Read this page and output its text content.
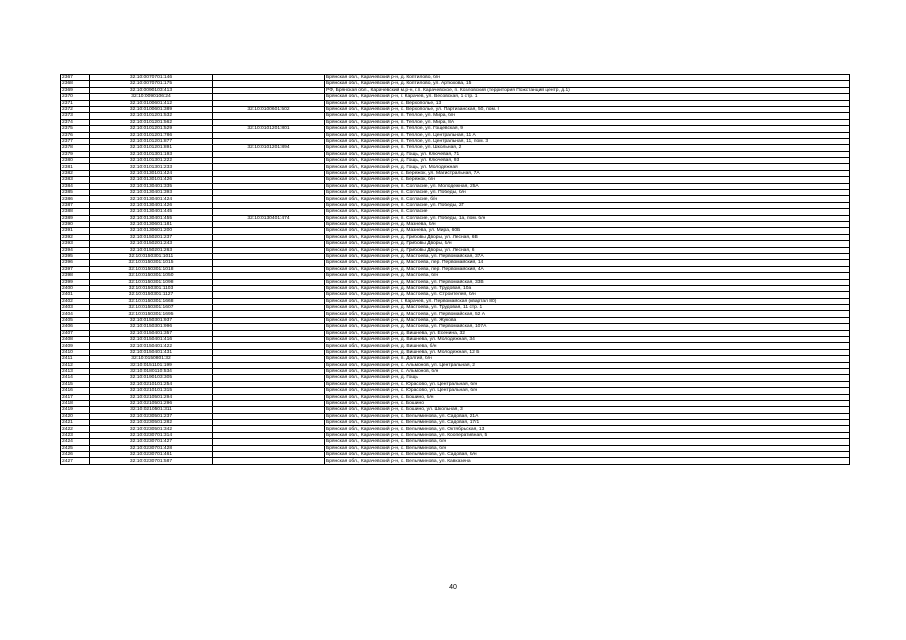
2367	32:10:0070701:146		Брянская обл., Карачевский р-н, д. Коптилово, б/н
2368	32:10:0070701:175		Брянская обл., Карачевский р-н, д. Коптилово, ул. Артюхова, 15
2369	32:10:0090103:413		РФ, Брянская обл., Карачевский м.р-н, г.п. Карачевское, п. Козловский (территория Пожстанций центр, д.1)
2370	32:10:0090106:24		Брянская обл., Карачевский р-н, г. Карачев, ул. Весовская, 1 стр. 1
2371	32:10:0100601:412		Брянская обл., Карачевский р-н, с. Верхополье, 13
2372	32:10:0100601:389	32:10:0100601:502	Брянская обл., Карачевский р-н, с. Верхополье, ул. Партизанская, 50, пом. I
2373	32:10:0101201:532		Брянская обл., Карачевский р-н, п. Теплое, ул. Мира, б/н
2374	32:10:0101201:562		Брянская обл., Карачевский р-н, п. Теплое, ул. Мира, 8А
2375	32:10:0101201:529	32:10:0101201:801	Брянская обл., Карачевский р-н, п. Теплое, ул. Гощевская, 9
2376	32:10:0101201:786		Брянская обл., Карачевский р-н, п. Теплое, ул. Центральная, 11 А
2377	32:10:0101201:877		Брянская обл., Карачевский р-н, п. Теплое, ул. Центральная, 11, пом. 3
2378	32:10:0101201:891	32:10:0101201:894	Брянская обл., Карачевский р-н, п. Теплое, ул. Школьная, 2
2379	32:10:0101301:193		Брянская обл., Карачевский р-н, д. Гощь, ул. Ключевая, 71
2380	32:10:0101301:222		Брянская обл., Карачевский р-н, д. Гощь, ул. Ключевая, 93
2381	32:10:0101301:233		Брянская обл., Карачевский р-н, д. Гощь, ул. Молодежная
2382	32:10:0130101:424		Брянская обл., Карачевский р-н, с. Бережок, ул. Магистральная, 7А
2383	32:10:0130101:426		Брянская обл., Карачевский р-н, с. Бережок, б/н
2384	32:10:0130401:335		Брянская обл., Карачевский р-н, п. Согласие, ул. Молодежная, 25А
2385	32:10:0130401:393		Брянская обл., Карачевский р-н, п. Согласие, ул. Победы, б/н
2386	32:10:0130401:424		Брянская обл., Карачевский р-н, п. Согласие, б/н
2387	32:10:0130401:426		Брянская обл., Карачевский р-н, п. Согласие, ул. Победы, 2Г
2388	32:10:0130401:445		Брянская обл., Карачевский р-н, п. Согласие
2389	32:10:0130401:455	32:10:0130401:474	Брянская обл., Карачевский р-н, п. Согласие, ул. Победы, 1а, пом. б/н
2390	32:10:0130601:181		Брянская обл., Карачевский р-н, д. Мазнева, б/н
2391	32:10:0130601:200		Брянская обл., Карачевский р-н, д. Мазнева, ул. Мира, 60Б
2392	32:10:0150201:237		Брянская обл., Карачевский р-н, д. Грибовы Дворы, ул. Лесная, 6В
2393	32:10:0150201:243		Брянская обл., Карачевский р-н, д. Грибовы Дворы, б/н
2394	32:10:0150201:263		Брянская обл., Карачевский р-н, д. Грибовы Дворы, ул. Лесная, 6
2395	32:10:0150301:1011		Брянская обл., Карачевский р-н, д. Мастоева, ул. Первомайская, 37А
2396	32:10:0150301:1015		Брянская обл., Карачевский р-н, д. Мастоева, пер. Первомайский, 14
2397	32:10:0150301:1018		Брянская обл., Карачевский р-н, д. Мастоева, пер. Первомайский, 4А
2398	32:10:0150301:1050		Брянская обл., Карачевский р-н, д. Мастоева, б/н
2399	32:10:0150301:1098		Брянская обл., Карачевский р-н, д. Мастоева, ул. Первомайская, 33В
2400	32:10:0150301:1103		Брянская обл., Карачевский р-н, д. Мастоева, ул. Трудовая, 10а
2401	32:10:0150301:1127		Брянская обл., Карачевский р-н, д. Мастоева, ул. Строителей, б/н
2402	32:10:0150301:1668		Брянская обл., Карачевский р-н, г. Карачев, ул. Первомайская (квартал 80)
2403	32:10:0150301:1607		Брянская обл., Карачевский р-н, д. Мастоева, ул. Трудовая, 11 стр. 1
2404	32:10:0150301:1695		Брянская обл., Карачевский р-н, д. Мастоева, ул. Первомайская, 52 А
2405	32:10:0150301:937		Брянская обл., Карачевский р-н, д. Мастоева, ул. Жукова
2406	32:10:0150301:996		Брянская обл., Карачевский р-н, д. Мастоева, ул. Первомайская, 107А
2407	32:10:0150401:357		Брянская обл., Карачевский р-н, д. Вишнева, ул. Есенина, 32
2408	32:10:0150401:416		Брянская обл., Карачевский р-н, д. Вишнева, ул. Молодежная, 34
2409	32:10:0150401:422		Брянская обл., Карачевский р-н, д. Вишнева, б/н
2410	32:10:0150401:431		Брянская обл., Карачевский р-н, д. Вишнева, ул. Молодежная, 12 Б
2411	32:10:0150801:32		Брянская обл., Карачевский р-н, п. Долгий, б/н
2412	32:10:0151101:199		Брянская обл., Карачевский р-н, с. Альмонов, ул. Центральная, 2
2413	32:10:0180110:534		Брянская обл., Карачевский р-н, с. Альмонов, б/н
2414	32:10:0190103:305		Брянская обл., Карачевский р-н, д. Гощь
2415	32:10:0210101:254		Брянская обл., Карачевский р-н, с. Юрасово, ул. Центральная, б/н
2416	32:10:0210101:315		Брянская обл., Карачевский р-н, с. Юрасово, ул. Центральная, б/н
2417	32:10:0210501:294		Брянская обл., Карачевский р-н, с. Бошино, б/н
2418	32:10:0210501:296		Брянская обл., Карачевский р-н, с. Бошино
2419	32:10:0210501:311		Брянская обл., Карачевский р-н, с. Бошино, ул. Школьная, 3
2420	32:10:0230501:237		Брянская обл., Карачевский р-н, с. Вельяминова, ул. Садовая, 21А
2421	32:10:0230501:282		Брянская обл., Карачевский р-н, с. Вельяминова, ул. Садовая, 17/1
2422	32:10:0230501:342		Брянская обл., Карачевский р-н, с. Вельяминова, ул. Октябрьская, 13
2423	32:10:0230701:314		Брянская обл., Карачевский р-н, с. Вельяминова, ул. Кооперативная, 5
2424	32:10:0230701:427		Брянская обл., Карачевский р-н, с. Вельяминова, б/н
2425	32:10:0230701:428		Брянская обл., Карачевский р-н, с. Вельяминова, б/н
2426	32:10:0230701:461		Брянская обл., Карачевский р-н, с. Вельяминова, ул. Садовая, б/н
2427	32:10:0230701:587		Брянская обл., Карачевский р-н, с. Вельяминова, ул. Кавказена
40
